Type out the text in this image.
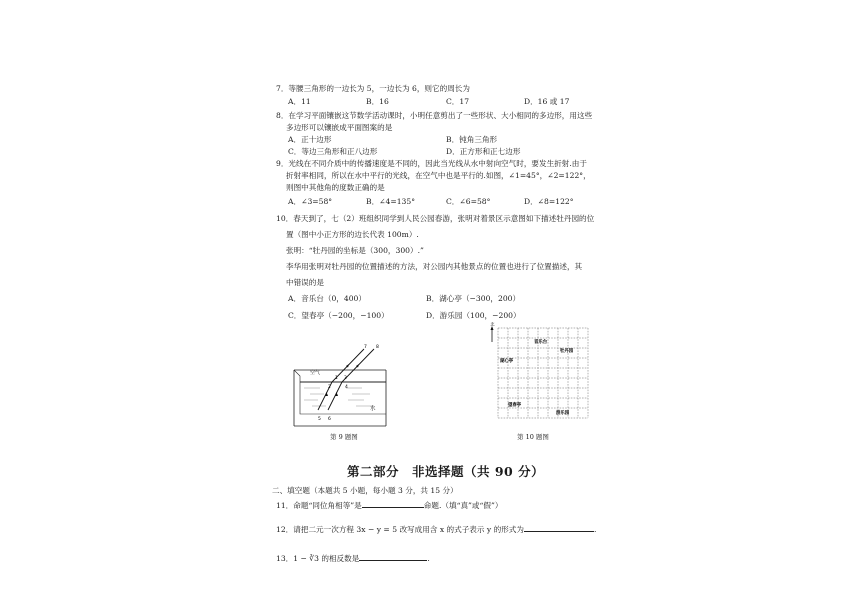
7．等腰三角形的一边长为 5，一边长为 6，则它的周长为
A．11	B．16	C．17	D．16 或 17
8．在学习平面镶嵌这节数学活动课时，小明任意剪出了一些形状、大小相同的多边形，用这些
多边形可以镶嵌成平面图案的是
A．正十边形	B．钝角三角形
C．等边三角形和正八边形	D．正方形和正七边形
9．光线在不同介质中的传播速度是不同的，因此当光线从水中射向空气时，要发生折射.由于
折射率相同，所以在水中平行的光线，在空气中也是平行的.如图，∠1=45°，∠2=122°，
则图中其他角的度数正确的是
A．∠3=58°	B．∠4=135°	C．∠6=58°	D．∠8=122°
10．春天到了，七（2）班组织同学到人民公园春游，张明对着景区示意图如下描述牡丹园的位
置（图中小正方形的边长代表 100m）.
张明：“牡丹园的坐标是（300，300）.”
李华用张明对牡丹园的位置描述的方法，对公园内其他景点的位置也进行了位置描述，其
中错误的是
A．音乐台（0，400）	B．湖心亭（−300，200）
C．望春亭（−200，−100）	D．游乐园（100，−200）
空气
水
1
2
3
4
5 6
7 8
第 9 题图
北
音乐台
牡丹园
湖心亭
望春亭
游乐园
第 10 题图
第二部分　非选择题（共 90 分）
二、填空题（本题共 5 小题，每小题 3 分，共 15 分）
11．命题“同位角相等”是	命题.（填“真”或“假”）
12．请把二元一次方程 3x − y = 5 改写成用含 x 的式子表示 y 的形式为	.
13．1 − ∛3 的相反数是	.
